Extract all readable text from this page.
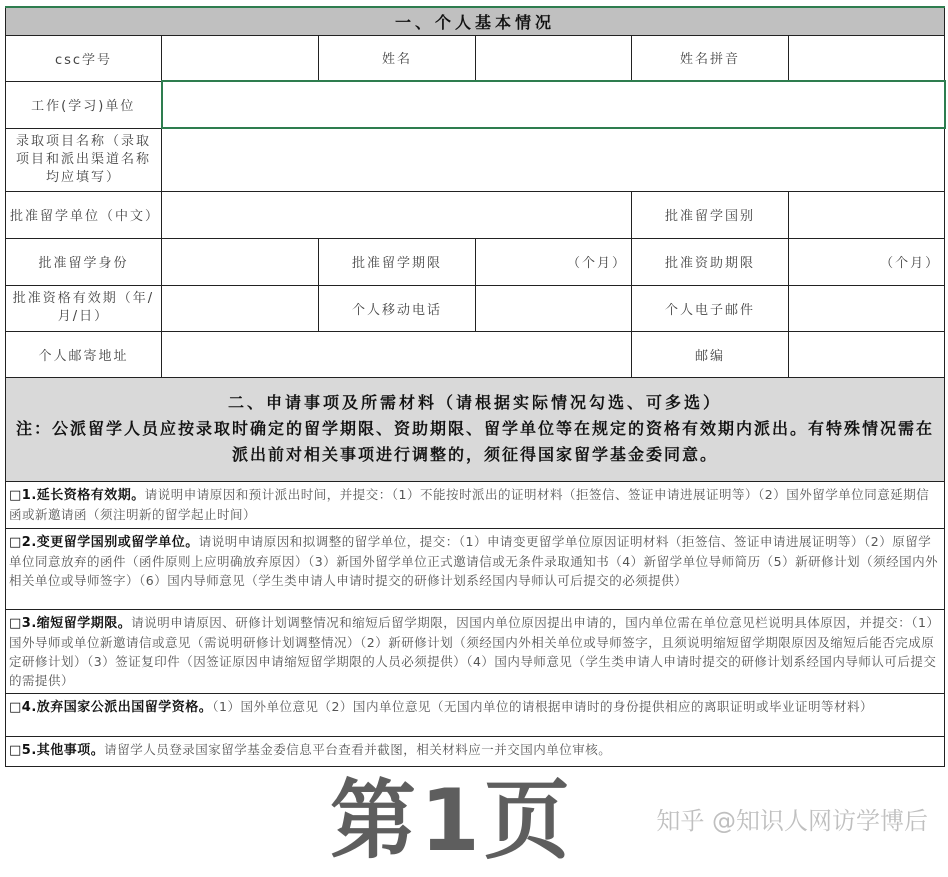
一、个人基本情况					
csc学号		姓名		姓名拼音	
工作(学习)单位					
录取项目名称（录取项目和派出渠道名称均应填写）					
批准留学单位（中文）				批准留学国别	
批准留学身份		批准留学期限	（个月）	批准资助期限	（个月）
批准资格有效期（年/月/日）		个人移动电话		个人电子邮件	
个人邮寄地址				邮编	

二、申请事项及所需材料（请根据实际情况勾选、可多选）
注：公派留学人员应按录取时确定的留学期限、资助期限、留学单位等在规定的资格有效期内派出。有特殊情况需在派出前对相关事项进行调整的，须征得国家留学基金委同意。					

□1.延长资格有效期。请说明申请原因和预计派出时间，并提交：（1）不能按时派出的证明材料（拒签信、签证申请进展证明等）（2）国外留学单位同意延期信函或新邀请函（须注明新的留学起止时间）					
□2.变更留学国别或留学单位。请说明申请原因和拟调整的留学单位，提交：（1）申请变更留学单位原因证明材料（拒签信、签证申请进展证明等）（2）原留学单位同意放弃的函件（函件原则上应明确放弃原因）（3）新国外留学单位正式邀请信或无条件录取通知书（4）新留学单位导师简历（5）新研修计划（须经国内外相关单位或导师签字）（6）国内导师意见（学生类申请人申请时提交的研修计划系经国内导师认可后提交的必须提供）					
□3.缩短留学期限。请说明申请原因、研修计划调整情况和缩短后留学期限，因国内单位原因提出申请的，国内单位需在单位意见栏说明具体原因，并提交：（1）国外导师或单位新邀请信或意见（需说明研修计划调整情况）（2）新研修计划（须经国内外相关单位或导师签字，且须说明缩短留学期限原因及缩短后能否完成原定研修计划）（3）签证复印件（因签证原因申请缩短留学期限的人员必须提供）（4）国内导师意见（学生类申请人申请时提交的研修计划系经国内导师认可后提交的需提供）					
□4.放弃国家公派出国留学资格。（1）国外单位意见（2）国内单位意见（无国内单位的请根据申请时的身份提供相应的离职证明或毕业证明等材料）					
□5.其他事项。请留学人员登录国家留学基金委信息平台查看并截图，相关材料应一并交国内单位审核。					
第1页	知乎 @知识人网访学博后
